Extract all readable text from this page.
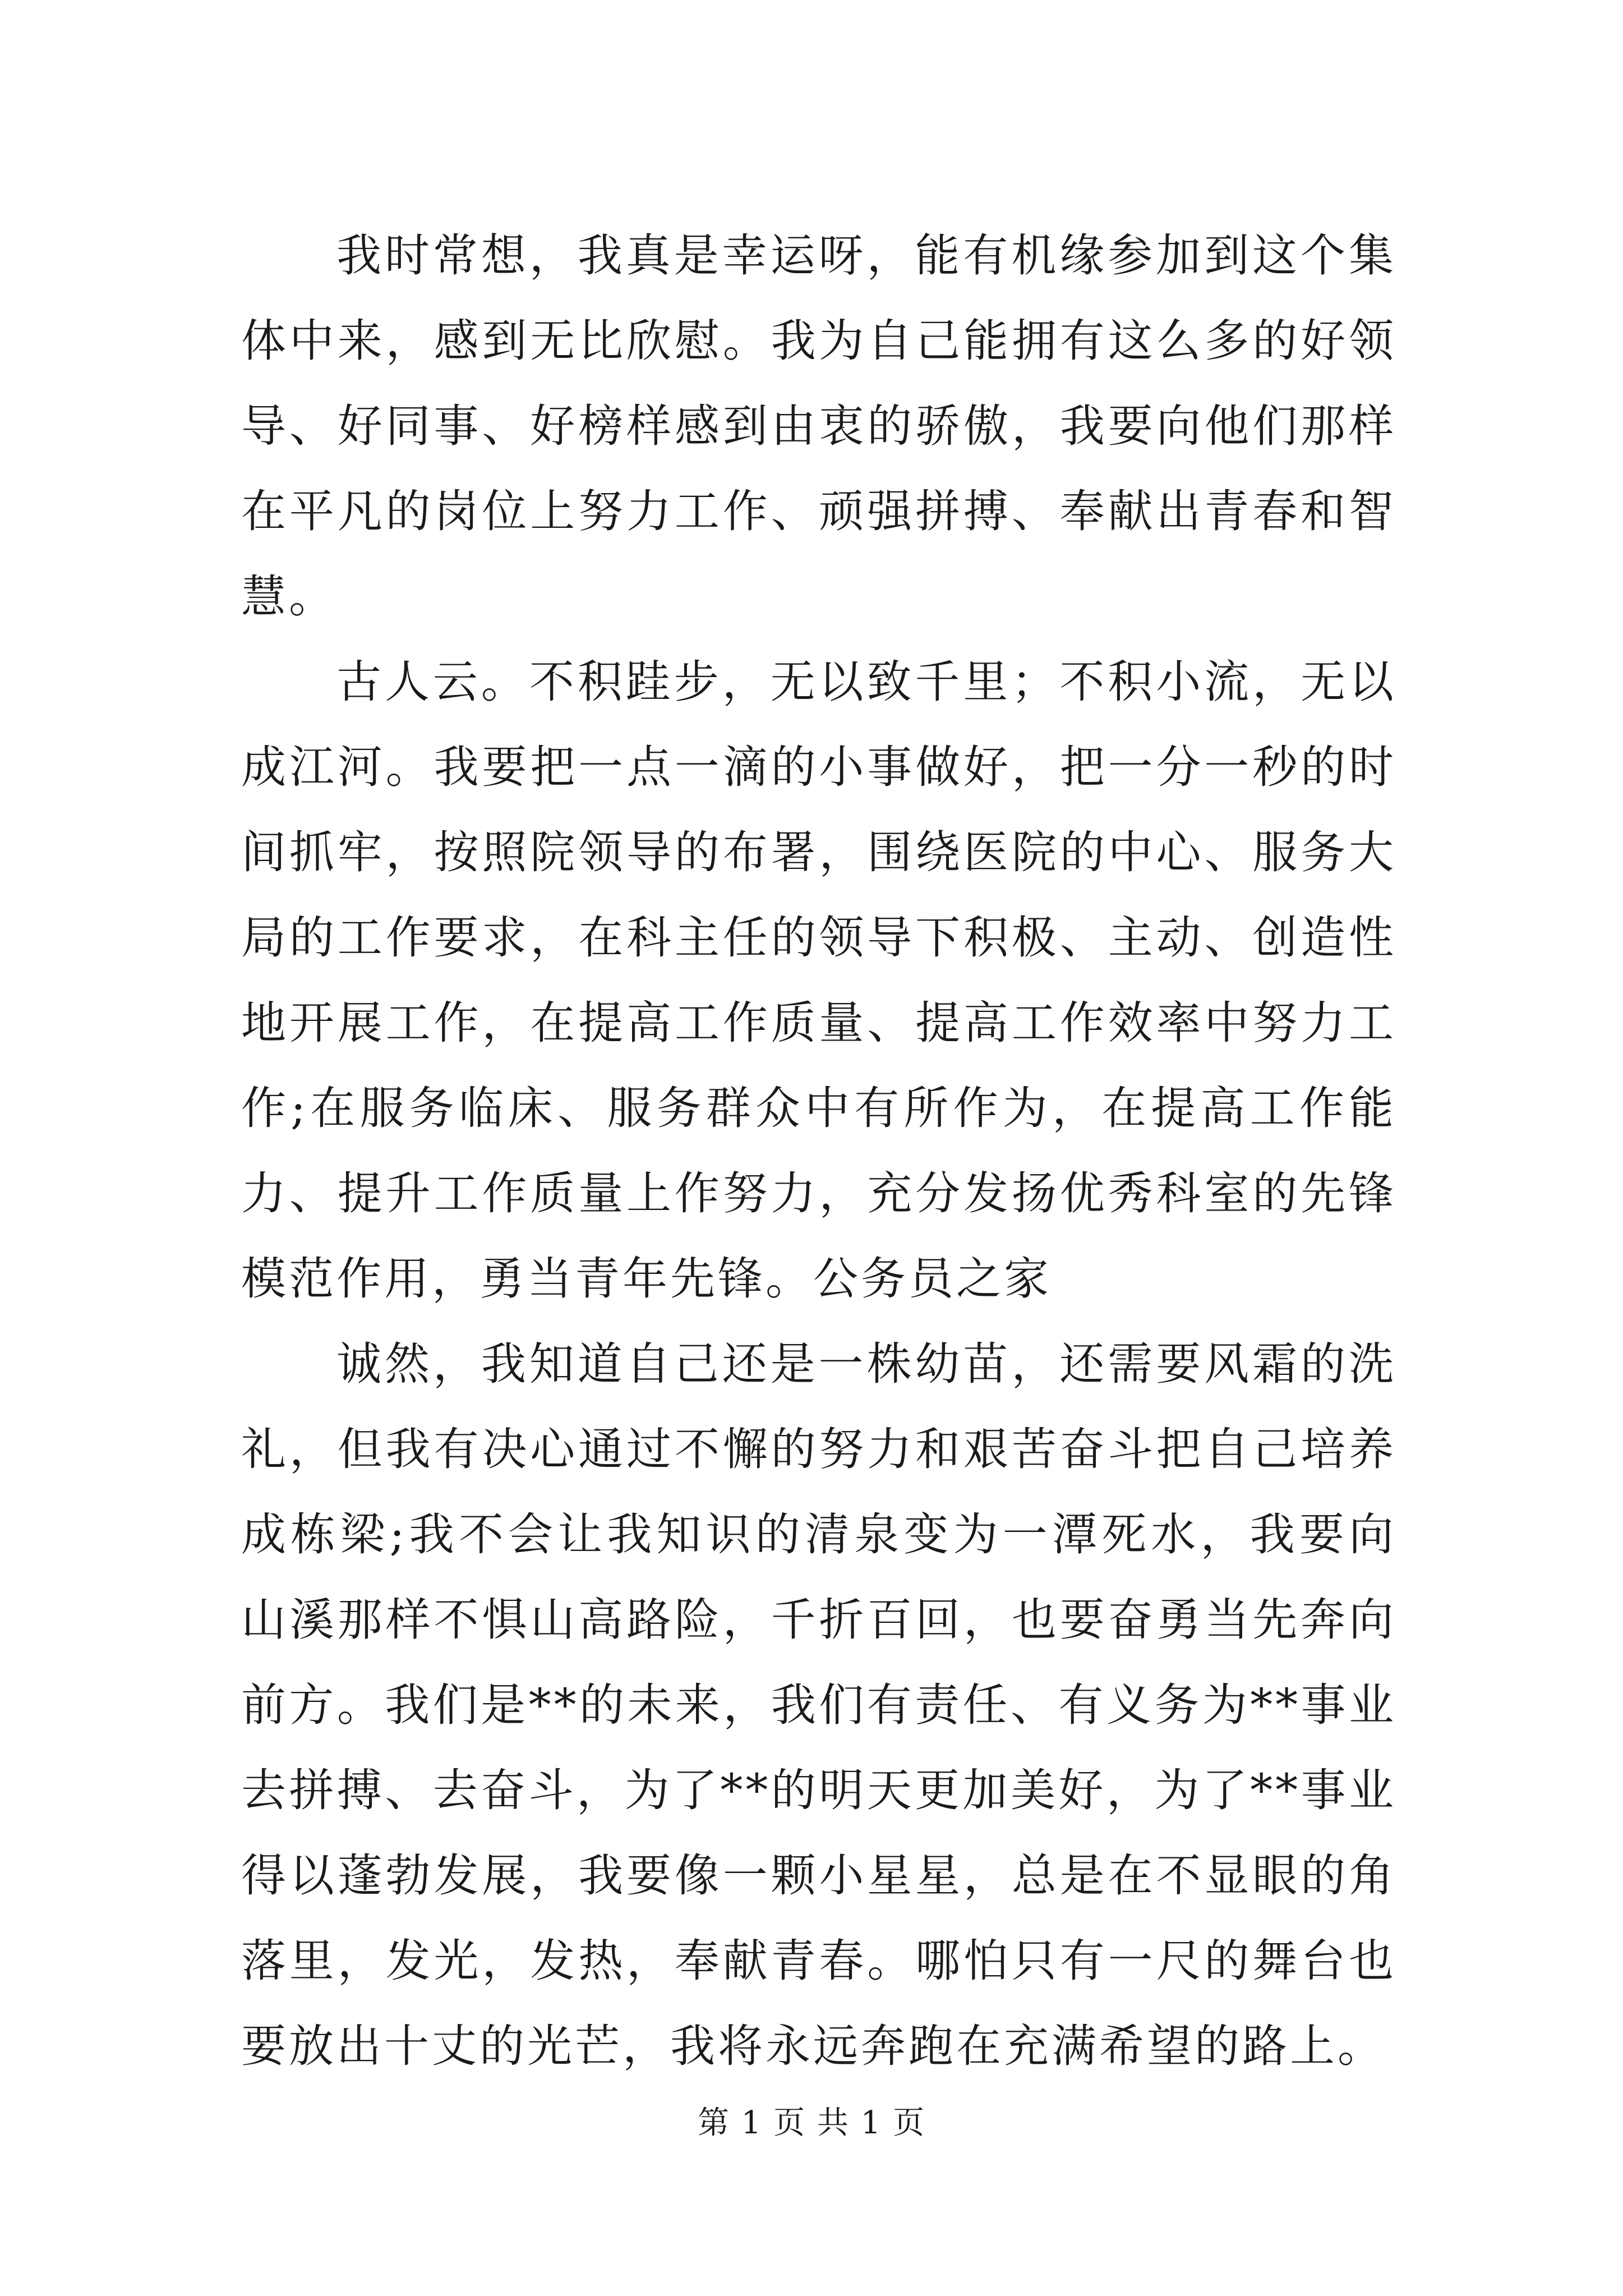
我时常想，我真是幸运呀，能有机缘参加到这个集体中来，感到无比欣慰。我为自己能拥有这么多的好领导、好同事、好榜样感到由衷的骄傲，我要向他们那样在平凡的岗位上努力工作、顽强拼搏、奉献出青春和智慧。

古人云。不积跬步，无以致千里；不积小流，无以成江河。我要把一点一滴的小事做好，把一分一秒的时间抓牢，按照院领导的布署，围绕医院的中心、服务大局的工作要求，在科主任的领导下积极、主动、创造性地开展工作，在提高工作质量、提高工作效率中努力工作;在服务临床、服务群众中有所作为，在提高工作能力、提升工作质量上作努力，充分发扬优秀科室的先锋模范作用，勇当青年先锋。公务员之家

诚然，我知道自己还是一株幼苗，还需要风霜的洗礼，但我有决心通过不懈的努力和艰苦奋斗把自己培养成栋梁;我不会让我知识的清泉变为一潭死水，我要向山溪那样不惧山高路险，千折百回，也要奋勇当先奔向前方。我们是**的未来，我们有责任、有义务为**事业去拼搏、去奋斗，为了**的明天更加美好，为了**事业得以蓬勃发展，我要像一颗小星星，总是在不显眼的角落里，发光，发热，奉献青春。哪怕只有一尺的舞台也要放出十丈的光芒，我将永远奔跑在充满希望的路上。

第 1 页 共 1 页
